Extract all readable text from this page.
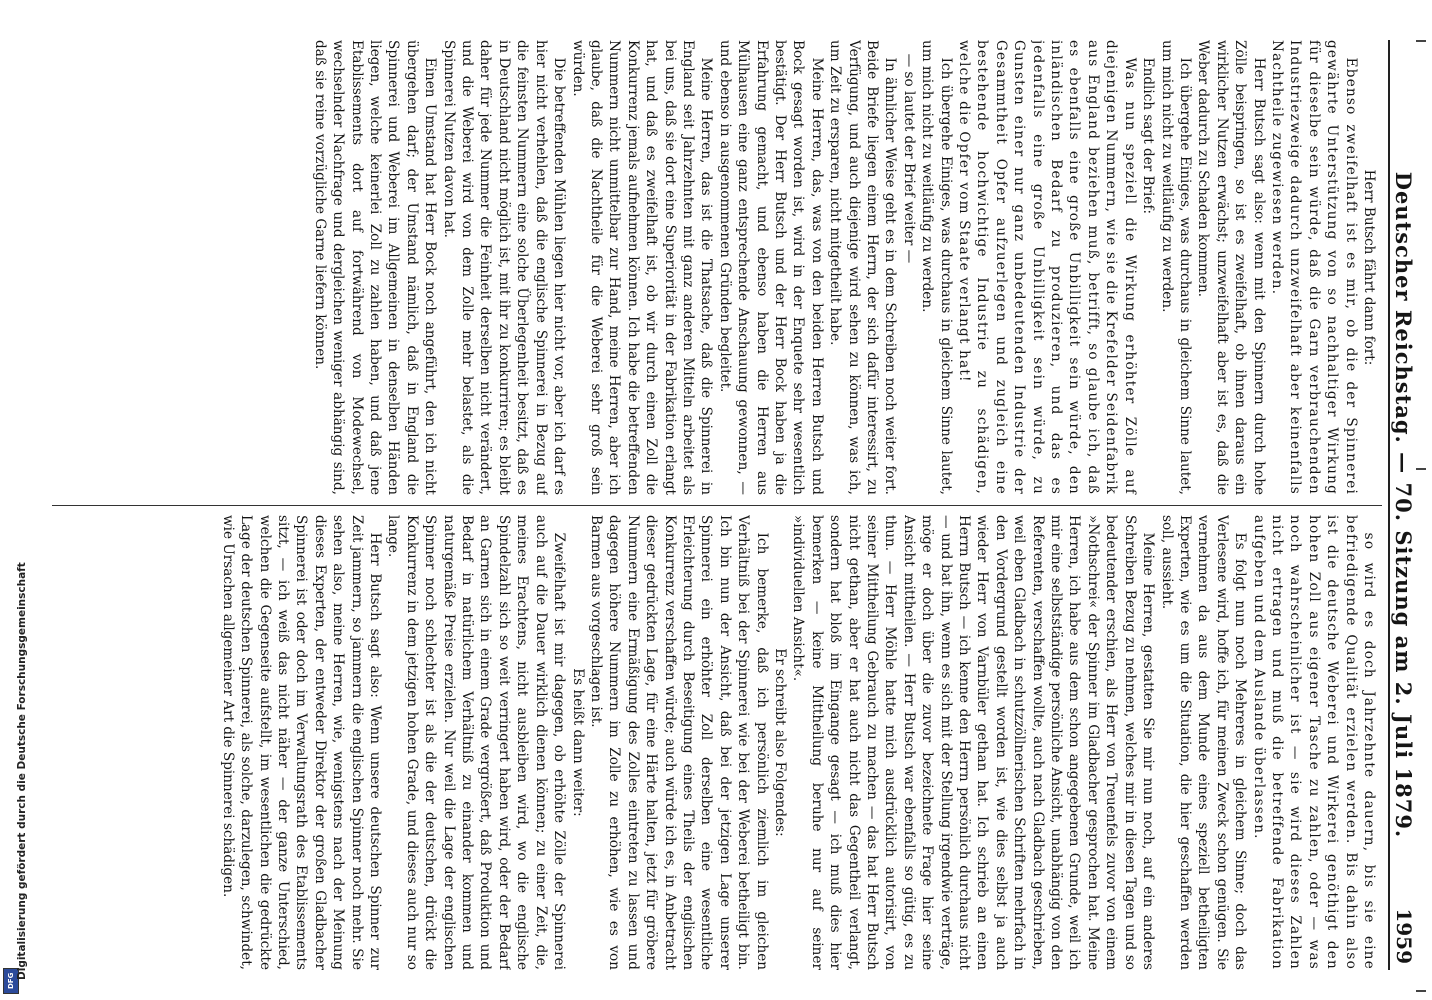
DFG
Digitalisierung gefördert durch die Deutsche Forschungsgemeinschaft	Deutscher Reichstag. — 70. Sitzung am 2. Juli 1879.
1959

Herr Butsch fährt dann fort:

Ebenso zweifelhaft ist es mir, ob die der Spinnerei gewährte Unterstützung von so nachhaltiger Wirkung für dieselbe sein würde, daß die Garn verbrauchenden Industriezweige dadurch unzweifelhaft aber keinenfalls Nachtheile zugewiesen werden.

Herr Butsch sagt also: wenn mit den Spinnern durch hohe Zölle beispringen, so ist es zweifelhaft, ob ihnen daraus ein wirklicher Nutzen erwächst; unzweifelhaft aber ist es, daß die Weber dadurch zu Schaden kommen.

Ich übergehe Einiges, was durchaus in gleichem Sinne lautet, um mich nicht zu weitläufig zu werden.

Endlich sagt der Brief:

Was nun speziell die Wirkung erhöhter Zölle auf diejenigen Nummern, wie sie die Krefelder Seidenfabrik aus England beziehen muß, betrifft, so glaube ich, daß es ebenfalls eine große Unbilligkeit sein würde, den inländischen Bedarf zu produzieren, und das es jedenfalls eine große Unbilligkeit sein würde, zu Gunsten einer nur ganz unbedeutenden Industrie der Gesammtheit Opfer aufzuerlegen und zugleich eine bestehende hochwichtige Industrie zu schädigen, welche die Opfer vom Staate verlangt hat!

Ich übergehe Einiges, was durchaus in gleichem Sinne lautet, um mich nicht zu weitläufig zu werden.

— so lautet der Brief weiter —

In ähnlicher Weise geht es in dem Schreiben noch weiter fort. Beide Briefe liegen einem Herrn, der sich dafür interessirt, zu Verfügung, und auch diejenige wird sehen zu können, was ich, um Zeit zu ersparen, nicht mitgetheilt habe.

Meine Herren, das, was von den beiden Herren Butsch und Bock gesagt worden ist, wird in der Enquete sehr wesentlich bestätigt. Der Herr Butsch und der Herr Bock haben ja die Erfahrung gemacht, und ebenso haben die Herren aus Mülhausen eine ganz entsprechende Anschauung gewonnen, — und ebenso in ausgenommenen Gründen begleitet.

Meine Herren, das ist die Thatsache, daß die Spinnerei in England seit Jahrzehnten mit ganz anderen Mitteln arbeitet als bei uns, daß sie dort eine Superiorität in der Fabrikation erlangt hat, und daß es zweifelhaft ist, ob wir durch einen Zoll die Konkurrenz jemals aufnehmen können. Ich habe die betreffenden Nummern nicht unmittelbar zur Hand, meine Herren, aber ich glaube, daß die Nachtheile für die Weberei sehr groß sein würden.

Die betreffenden Mühlen liegen hier nicht vor, aber ich darf es hier nicht verhehlen, daß die englische Spinnerei in Bezug auf die feinsten Nummern eine solche Überlegenheit besitzt, daß es in Deutschland nicht möglich ist, mit ihr zu konkurriren; es bleibt daher für jede Nummer die Feinheit derselben nicht verändert, und die Weberei wird von dem Zolle mehr belastet, als die Spinnerei Nutzen davon hat.

Einen Umstand hat Herr Bock noch angeführt, den ich nicht übergehen darf; der Umstand nämlich, daß in England die Spinnerei und Weberei im Allgemeinen in denselben Händen liegen, welche keinerlei Zoll zu zahlen haben, und daß jene Etablissements dort auf fortwährend von Modewechsel, wechselnder Nachfrage und dergleichen weniger abhängig sind, daß sie reine vorzügliche Garne liefern können.

so wird es doch Jahrzehnte dauern, bis sie eine befriedigende Qualität erzielen werden. Bis dahin also ist die deutsche Weberei und Wirkerei genöthigt den hohen Zoll aus eigener Tasche zu zahlen, oder — was noch wahrscheinlicher ist — sie wird dieses Zahlen nicht ertragen und muß die betreffende Fabrikation aufgeben und dem Auslande überlassen.

Es folgt nun noch Mehreres in gleichem Sinne; doch das Verlesene wird, hoffe ich, für meinen Zweck schon genügen. Sie vernehmen da aus dem Munde eines speziell betheiligten Experten, wie es um die Situation, die hier geschaffen werden soll, aussieht.

Meine Herren, gestatten Sie mir nun noch, auf ein anderes Schreiben Bezug zu nehmen, welches mir in diesen Tagen und so bedeutender erschien, als Herr von Treuenfels zuvor von einem »Nothschrei« der Spinner im Gladbacher gesprochen hat. Meine Herren, ich habe aus dem schon angegebenen Grunde, weil ich mir eine selbstständige persönliche Ansicht, unabhängig von den Referenten, verschaffen wollte, auch nach Gladbach geschrieben, weil eben Gladbach in schutzzöllnerischen Schriften mehrfach in den Vordergrund gestellt worden ist, wie dies selbst ja auch wieder Herr von Varnbüler gethan hat. Ich schrieb an einen Herrn Butsch — ich kenne den Herrn persönlich durchaus nicht — und bat ihn, wenn es sich mit der Stellung irgendwie verträge, möge er doch über die zuvor bezeichnete Frage hier seine Ansicht mittheilen. — Herr Butsch war ebenfalls so gütig, es zu thun. — Herr Möhle hatte mich ausdrücklich autorisirt, von seiner Mittheilung Gebrauch zu machen — das hat Herr Butsch nicht gethan, aber er hat auch nicht das Gegentheil verlangt, sondern hat bloß im Eingange gesagt — ich muß dies hier bemerken — keine Mittheilung beruhe nur auf seiner »individuellen Ansicht«.

Er schreibt also Folgendes:

Ich bemerke, daß ich persönlich ziemlich im gleichen Verhältniß bei der Spinnerei wie bei der Weberei betheiligt bin. Ich bin nun der Ansicht, daß bei der jetzigen Lage unserer Spinnerei ein erhöhter Zoll derselben eine wesentliche Erleichterung durch Beseitigung eines Theils der englischen Konkurrenz verschaffen würde; auch würde ich es, in Anbetracht dieser gedrückten Lage, für eine Härte halten, jetzt für gröbere Nummern eine Ermäßigung des Zolles eintreten zu lassen und dagegen höhere Nummern im Zolle zu erhöhen, wie es von Barmen aus vorgeschlagen ist.

Es heißt dann weiter:

Zweifelhaft ist mir dagegen, ob erhöhte Zölle der Spinnerei auch auf die Dauer wirklich dienen können; zu einer Zeit, die, meines Erachtens, nicht ausbleiben wird, wo die englische Spindelzahl sich so weit verringert haben wird, oder der Bedarf an Garnen sich in einem Grade vergrößert, daß Produktion und Bedarf in natürlichem Verhältniß zu einander kommen und naturgemäße Preise erzielen. Nur weil die Lage der englischen Spinner noch schlechter ist als die der deutschen, drückt die Konkurrenz in dem jetzigen hohen Grade, und dieses auch nur so lange.

Herr Butsch sagt also: Wenn unsere deutschen Spinner zur Zeit jammern, so jammern die englischen Spinner noch mehr. Sie sehen also, meine Herren, wie, wenigstens nach der Meinung dieses Experten, der entweder Direktor der großen Gladbacher Spinnerei ist oder doch im Verwaltungsrath des Etablissements sitzt, — ich weiß das nicht näher — der ganze Unterschied, welchen die Gegenseite aufstellt, im wesentlichen die gedrückte Lage der deutschen Spinnerei, als solche, darzulegen, schwindet, wie Ursachen allgemeiner Art die Spinnerei schädigen.
